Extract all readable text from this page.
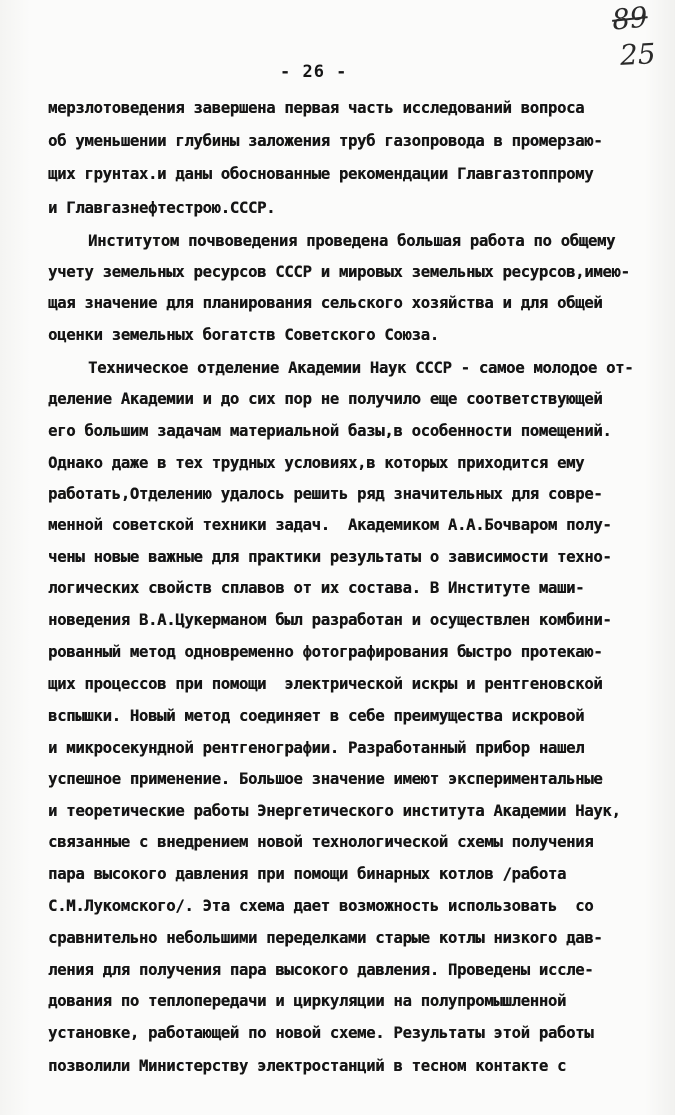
89
25
- 26 -
мерзлотоведения завершена первая часть исследований вопроса
об уменьшении глубины заложения труб газопровода в промерзаю-
щих грунтах.и даны обоснованные рекомендации Главгазтоппрому
и Главгазнефтестрою.СССР.
Институтом почвоведения проведена большая работа по общему
учету земельных ресурсов СССР и мировых земельных ресурсов,имею-
щая значение для планирования сельского хозяйства и для общей
оценки земельных богатств Советского Союза.
Техническое отделение Академии Наук СССР - самое молодое от-
деление Академии и до сих пор не получило еще соответствующей
его большим задачам материальной базы,в особенности помещений.
Однако даже в тех трудных условиях,в которых приходится ему
работать,Отделению удалось решить ряд значительных для совре-
менной советской техники задач.  Академиком А.А.Бочваром полу-
чены новые важные для практики результаты о зависимости техно-
логических свойств сплавов от их состава. В Институте маши-
новедения В.А.Цукерманом был разработан и осуществлен комбини-
рованный метод одновременно фотографирования быстро протекаю-
щих процессов при помощи  электрической искры и рентгеновской
вспышки. Новый метод соединяет в себе преимущества искровой
и микросекундной рентгенографии. Разработанный прибор нашел
успешное применение. Большое значение имеют экспериментальные
и теоретические работы Энергетического института Академии Наук,
связанные с внедрением новой технологической схемы получения
пара высокого давления при помощи бинарных котлов /работа
С.М.Лукомского/. Эта схема дает возможность использовать  со
сравнительно небольшими переделками старые котлы низкого дав-
ления для получения пара высокого давления. Проведены иссле-
дования по теплопередачи и циркуляции на полупромышленной
установке, работающей по новой схеме. Результаты этой работы
позволили Министерству электростанций в тесном контакте с
